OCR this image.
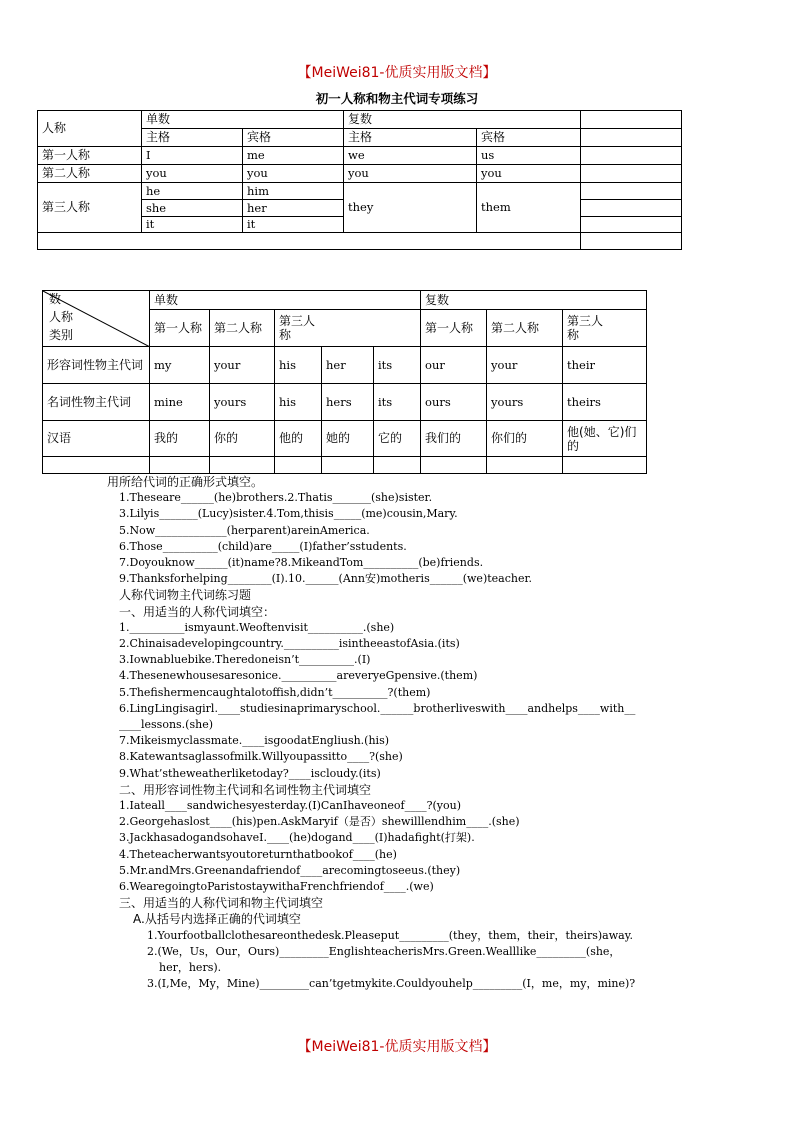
【MeiWei81-优质实用版文档】
初一人称和物主代词专项练习
人称	单数		复数		
	主格	宾格	主格	宾格	
第一人称	I	me	we	us	
第二人称	you	you	you	you	
第三人称	he	him	they	them	
	she	her			
	it	it			

数
人称
类别	单数					复数		
	第一人称	第二人称	第三人称			第一人称	第二人称	第三人称
形容词性物主代词	my	your	his	her	its	our	your	their
名词性物主代词	mine	yours	his	hers	its	ours	yours	theirs
汉语	我的	你的	他的	她的	它的	我们的	你们的	他(她、它)们的

用所给代词的正确形式填空。
1.Theseare______(he)brothers.2.Thatis_______(she)sister.
3.Lilyis_______(Lucy)sister.4.Tom,thisis_____(me)cousin,Mary.
5.Now_____________(herparent)areinAmerica.
6.Those__________(child)are_____(I)father’sstudents.
7.Doyouknow______(it)name?8.MikeandTom__________(be)friends.
9.Thanksforhelping________(I).10.______(Ann安)motheris______(we)teacher.
人称代词物主代词练习题
一、用适当的人称代词填空：
1.__________ismyaunt.Weoftenvisit__________.(she)
2.Chinaisadevelopingcountry.__________isintheeastofAsia.(its)
3.Iownabluebike.Theredoneisn’t__________.(I)
4.Thesenewhousesaresonice.__________areveryeGpensive.(them)
5.Thefishermencaughtalotoffish,didn’t__________?(them)
6.LingLingisagirl.____studiesinaprimaryschool.______brotherliveswith____andhelps____with__
____lessons.(she)
7.Mikeismyclassmate.____isgoodatEngliush.(his)
8.Katewantsaglassofmilk.Willyoupassitto____?(she)
9.What’stheweatherliketoday?____iscloudy.(its)
二、用形容词性物主代词和名词性物主代词填空
1.Iateall____sandwichesyesterday.(I)CanIhaveoneof____?(you)
2.Georgehaslost____(his)pen.AskMaryif（是否）shewilllendhim____.(she)
3.JackhasadogandsohaveI.____(he)dogand____(I)hadafight(打架).
4.Theteacherwantsyoutoreturnthatbookof____(he)
5.Mr.andMrs.Greenandafriendof____arecomingtoseeus.(they)
6.WearegoingtoParistostaywithaFrenchfriendof____.(we)
三、用适当的人称代词和物主代词填空
A.从括号内选择正确的代词填空
1.Yourfootballclothesareonthedesk.Pleaseput_________(they，them，their，theirs)away.
2.(We，Us，Our，Ours)_________EnglishteacherisMrs.Green.Wealllike_________(she，
her，hers).
3.(I,Me，My，Mine)_________can’tgetmykite.Couldyouhelp_________(I，me，my，mine)?
【MeiWei81-优质实用版文档】
